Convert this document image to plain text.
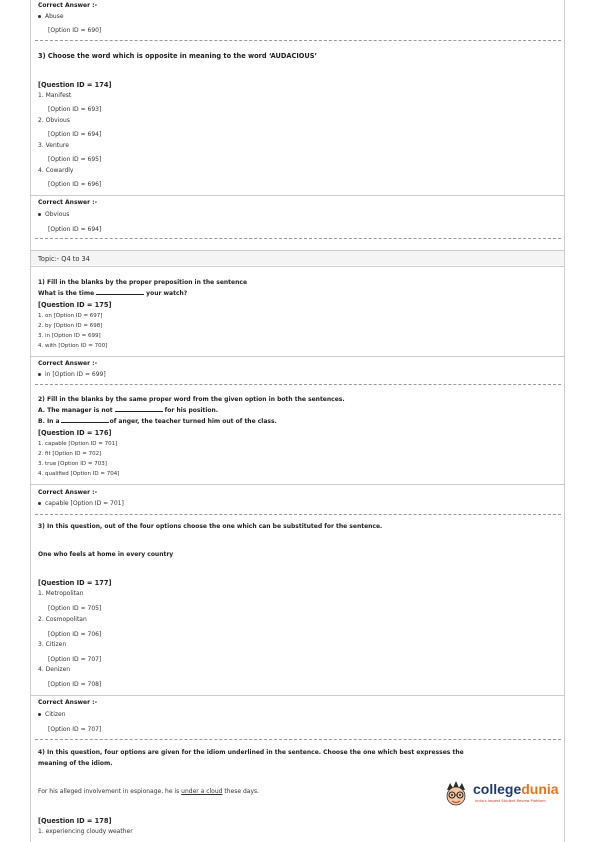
Correct Answer :-
Abuse
[Option ID = 690]
3) Choose the word which is opposite in meaning to the word ‘AUDACIOUS’
[Question ID = 174]
1. Manifest
[Option ID = 693]
2. Obvious
[Option ID = 694]
3. Venture
[Option ID = 695]
4. Cowardly
[Option ID = 696]
Correct Answer :-
Obvious
[Option ID = 694]
Topic:- Q4 to 34
1) Fill in the blanks by the proper preposition in the sentence
What is the time	your watch?
[Question ID = 175]
1. on [Option ID = 697]
2. by [Option ID = 698]
3. in [Option ID = 699]
4. with [Option ID = 700]
Correct Answer :-
in [Option ID = 699]
2) Fill in the blanks by the same proper word from the given option in both the sentences.
A. The manager is not	for his position.
B. In a	of anger, the teacher turned him out of the class.
[Question ID = 176]
1. capable [Option ID = 701]
2. fit [Option ID = 702]
3. true [Option ID = 703]
4. qualified [Option ID = 704]
Correct Answer :-
capable [Option ID = 701]
3) In this question, out of the four options choose the one which can be substituted for the sentence.
One who feels at home in every country
[Question ID = 177]
1. Metropolitan
[Option ID = 705]
2. Cosmopolitan
[Option ID = 706]
3. Citizen
[Option ID = 707]
4. Denizen
[Option ID = 708]
Correct Answer :-
Citizen
[Option ID = 707]
4) In this question, four options are given for the idiom underlined in the sentence. Choose the one which best expresses the
meaning of the idiom.
For his alleged involvement in espionage, he is under a cloud these days.
[Question ID = 178]
1. experiencing cloudy weather
collegedunia
India's largest Student Review Platform
